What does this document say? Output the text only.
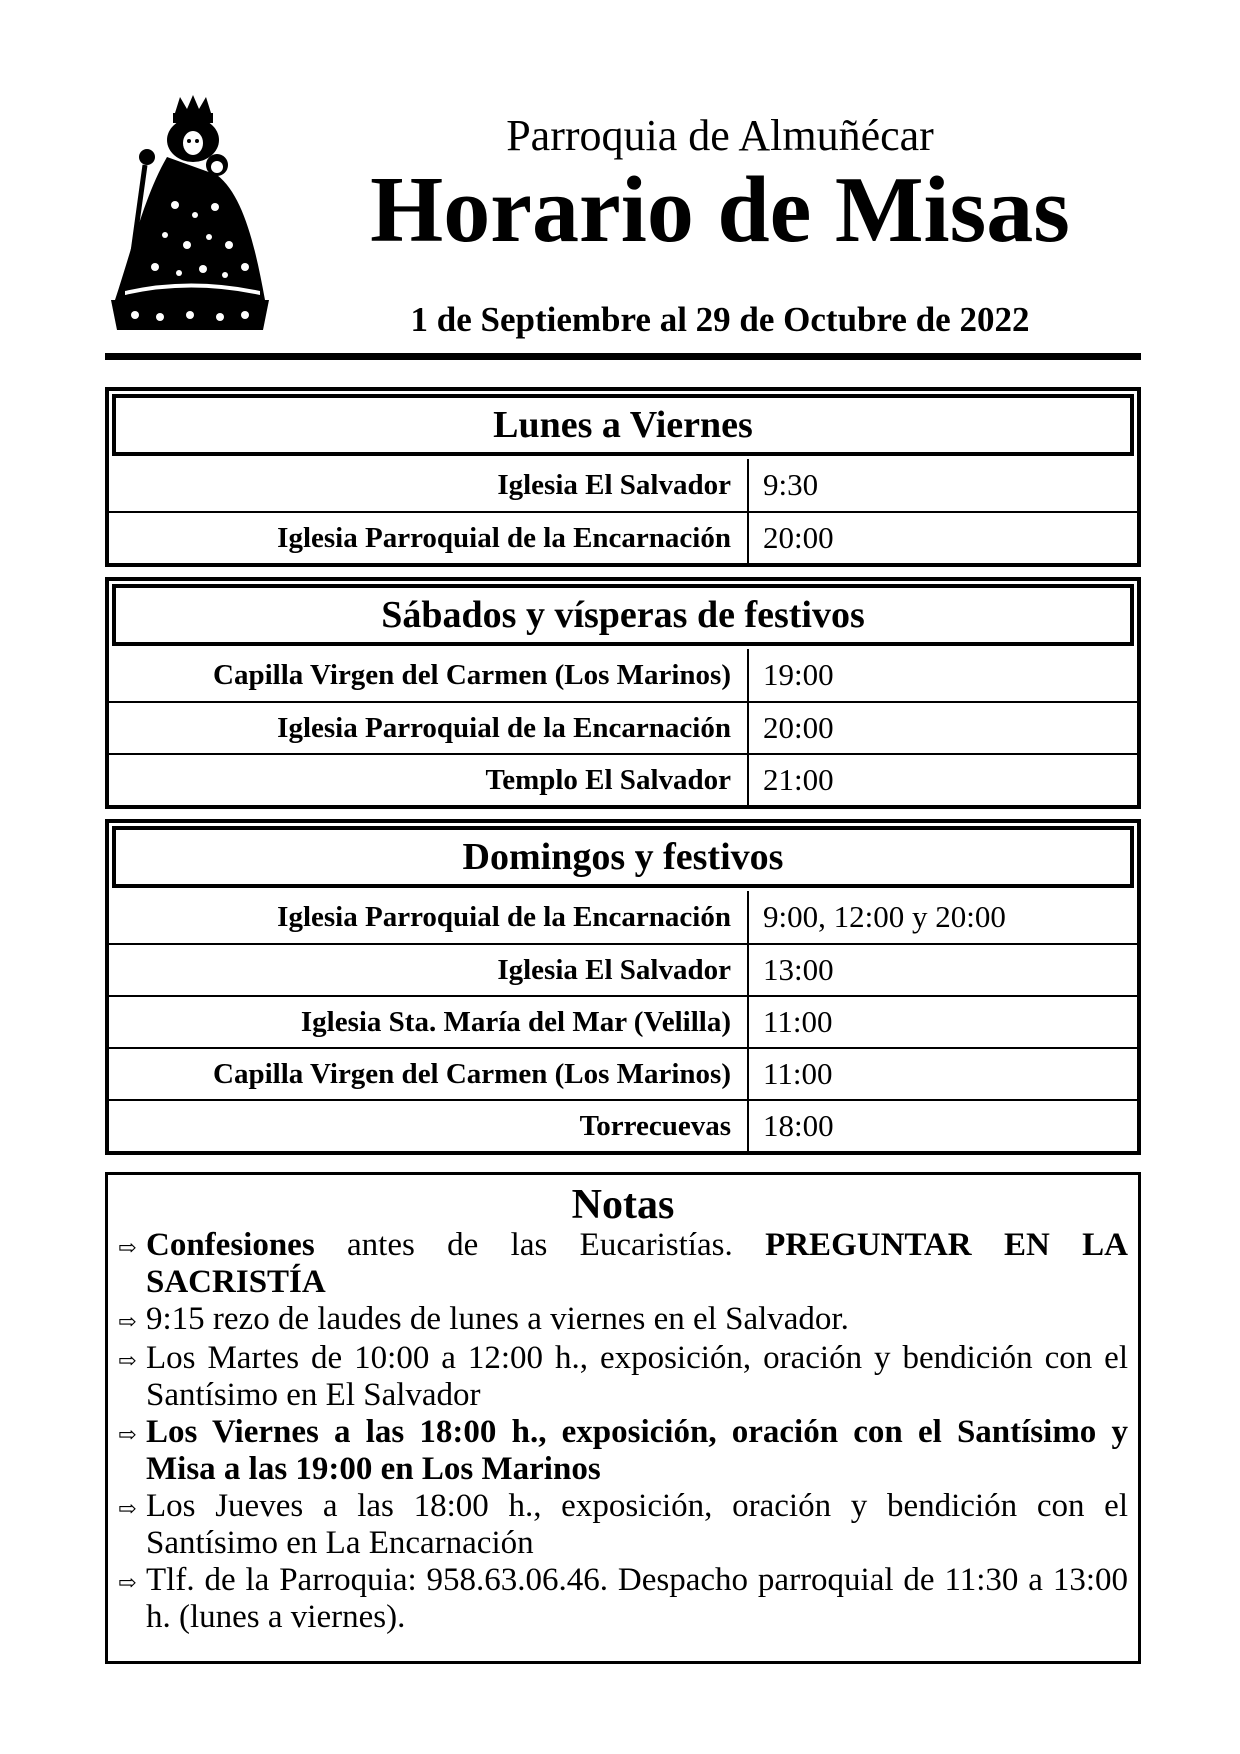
Parroquia de Almuñécar
Horario de Misas
1 de Septiembre al 29 de Octubre de 2022
Lunes a Viernes
Iglesia El Salvador	9:30
Iglesia Parroquial de la Encarnación	20:00
Sábados y vísperas de festivos
Capilla Virgen del Carmen (Los Marinos)	19:00
Iglesia Parroquial de la Encarnación	20:00
Templo El Salvador	21:00
Domingos y festivos
Iglesia Parroquial de la Encarnación	9:00, 12:00 y 20:00
Iglesia El Salvador	13:00
Iglesia Sta. María del Mar (Velilla)	11:00
Capilla Virgen del Carmen (Los Marinos)	11:00
Torrecuevas	18:00
Notas
⇨ Confesiones antes de las Eucaristías. PREGUNTAR EN LA SACRISTÍA
⇨ 9:15 rezo de laudes de lunes a viernes en el Salvador.
⇨ Los Martes de 10:00 a 12:00 h., exposición, oración y bendición con el Santísimo en El Salvador
⇨ Los Viernes a las 18:00 h., exposición, oración con el Santísimo y Misa a las 19:00 en Los Marinos
⇨ Los Jueves a las 18:00 h., exposición, oración y bendición con el Santísimo en La Encarnación
⇨ Tlf. de la Parroquia: 958.63.06.46. Despacho parroquial de 11:30 a 13:00 h. (lunes a viernes).
